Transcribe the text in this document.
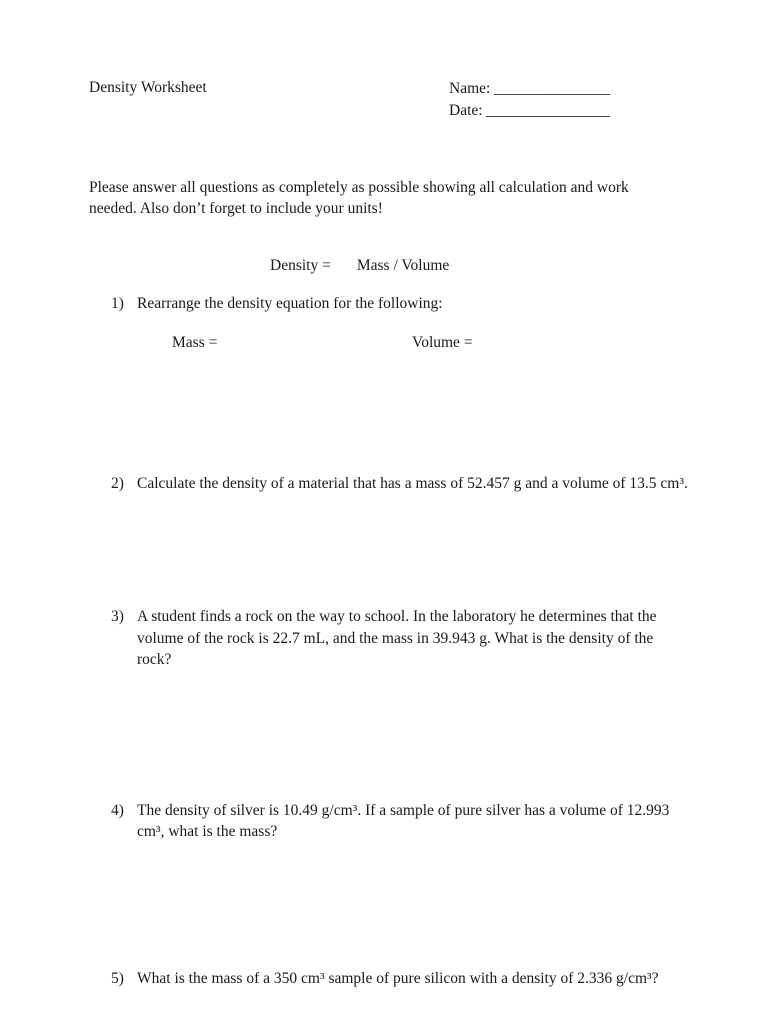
Density Worksheet	Name: ________________
Date: _________________
Please answer all questions as completely as possible showing all calculation and work needed. Also don’t forget to include your units!
Density = Mass / Volume
1) Rearrange the density equation for the following:
Mass =	Volume =
2) Calculate the density of a material that has a mass of 52.457 g and a volume of 13.5 cm³.
3) A student finds a rock on the way to school. In the laboratory he determines that the volume of the rock is 22.7 mL, and the mass in 39.943 g. What is the density of the rock?
4) The density of silver is 10.49 g/cm³. If a sample of pure silver has a volume of 12.993 cm³, what is the mass?
5) What is the mass of a 350 cm³ sample of pure silicon with a density of 2.336 g/cm³?
